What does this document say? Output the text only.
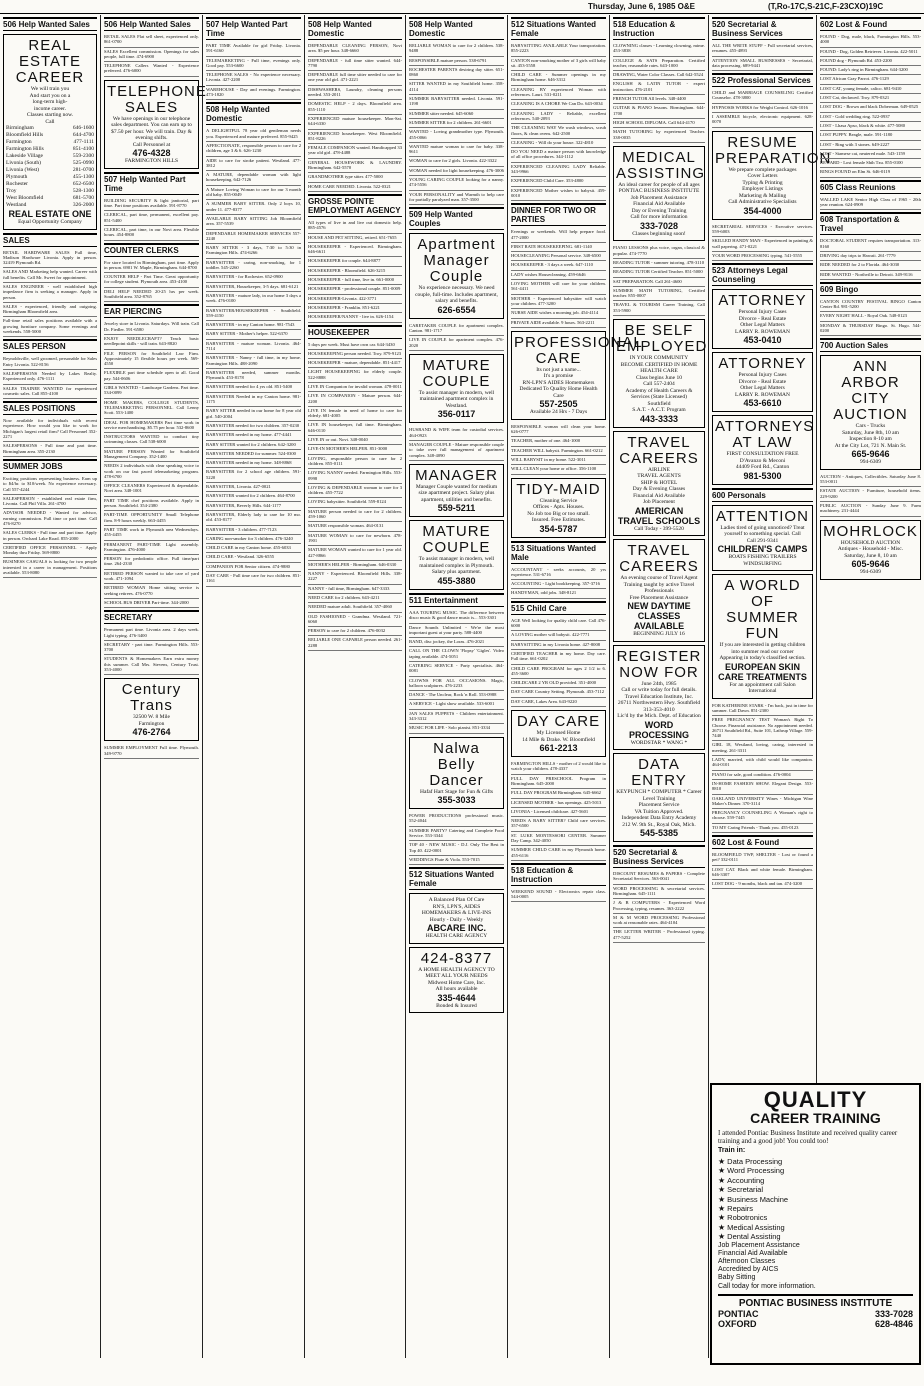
Thursday, June 6, 1985 O&E	(T,Ro-17C,S-21C,F-23CXO)19C
506 Help Wanted Sales
REAL ESTATE CAREER
We will train you
And start you on a
long-term high-
income career.
Classes starting now.
Call
Birmingham	646-1600
Bloomfield Hills	644-4700
Farmington	477-1111
Farmington Hills	851-4100
Lakeside Village	559-2300
Livonia (South)	525-0990
Livonia (West)	281-0700
Plymouth	455-1300
Rochester	652-6500
Troy	528-1300
West Bloomfield	681-5700
Westland	326-2000
REAL ESTATE ONE
Equal Opportunity Company
SALES

RETAIL HARDWARE SALES Full time, Madison Hardware Livonia. Apply in person. 32419 Plymouth Rd.

SALES AND Marketing help wanted. Career with full benefits. Call Mr. Sweet for appointment.

SALES ENGINEER - well established high impedance firm is seeking a manager. Apply in person.

SALES - experienced, friendly and outgoing. Birmingham Bloomfield area.

Full-time retail sales positions available with a growing furniture company. Some evenings and weekends. 558-5000

SALES PERSON

Reynoldsville, well groomed, personable for Sales Entry Livonia. 522-8156

SALESPERSONS Needed by Lakes Realty. Experienced only. 476-1111

SALES TRAINEE WANTED for experienced cosmetic sales. Call 855-4100

SALES POSITIONS

Now available for individuals with recent experience. How would you like to work for Michigan's largest retail firm? Call Personnel 352-2271

SALESPERSONS - Full time and part time. Birmingham area. 355-2130

SUMMER JOBS

Exciting positions representing business. Earn up to $4/hr. to $10/week. No experience necessary. Call 557-4244

SALESPERSON - established real estate firm, Livonia. Call Phil Villa. 261-4700

ADVISOR NEEDED - Wanted for advisor, earning commission. Full time or part time. Call 476-8270

SALES CLERKS - Full time and part time. Apply in person. Orchard Lake Road. 855-2000

CERTIFIED OFFICE PERSONNEL - Apply Monday thru Friday. 569-8800

BUSINESS CASUALS is looking for two people interested in a career in management. Positions available. 553-8080

506 Help Wanted Sales

RETAIL SALES Flat sell sheet, experienced only. 861-0700

SALES Excellent commission. Openings for sales people, full time. 474-6900

TELEPHONE Callers Wanted - Experience preferred. 476-6000

TELEPHONE SALES
We have openings in our telephone sales department. You can earn up to $7.50 per hour. We will train. Day & evening shifts.
Call Personnel at
476-4328
FARMINGTON HILLS
507 Help Wanted Part Time

BUILDING SECURITY & light janitorial, part time. Part time positions available. 591-8770

CLERICAL, part time, permanent, excellent pay. 851-5400

CLERICAL, part time, in our Novi area. Flexible hours. 454-8800

COUNTER CLERKS

For store located in Birmingham, part time. Apply in person. 6901 W. Maple, Birmingham. 644-8700

COUNTER HELP - Part Time. Great opportunity for college student. Plymouth area. 453-4100

DELI HELP NEEDED 20-25 hrs per week. Southfield area. 352-8765

EAR PIERCING

Jewelry store in Livonia. Saturdays. Will train. Call Dr. Fiedler. 591-6580

ENJOY NEEDLECRAFT? Teach basic needlepoint skills - will train. 643-8820

FILE PERSON for Southfield Law Firm. Approximately 15 flexible hours per week. 569-4550

FLEXIBLE part time schedule open to all. Good pay. 544-0606

GIRLS WANTED - Landscape Gardens. Part time. 534-0099

HOME MAKERS, COLLEGE STUDENTS, TELEMARKETING PERSONNEL. Call Lenny Scott. 553-1400

IDEAL FOR HOMEMAKERS Part time work in service merchandising. $5.75 per hour. 532-8600

INSTRUCTORS WANTED to conduct tiny swimming classes. Call 538-6000

MATURE PERSON Wanted for Southfield Management Company. 352-1400

NEEDS 2 individuals with clear speaking voice to work on our fast paced telemarketing program. 478-6700

OFFICE CLEANERS Experienced & dependable. Novi area. 348-1001

PART TIME chef positions available. Apply in person. Southfield. 354-2380

PART-TIME OPPORTUNITY Small Telephone firm. 8-9 hours weekly. 663-4455

PART TIME work in Plymouth area Wednesdays. 455-4455

PERMANENT PART-TIME Light assembly. Farmington. 476-4000

PERSON for pedodontic office. Full time/part time. 264-2330

RETIRED PERSON wanted to take care of yard work. 471-1094

RETIRED WOMAN Home sitting service is seeking retirees. 476-0770

SCHOOL BUS DRIVER Part-time. 344-2000

SECRETARY

Permanent part time. Livonia area. 2 days week. Light typing. 476-3400

SECRETARY - part time. Farmington Hills. 553-3700

STUDENTS & Homemakers Earn extra money this summer. Call Mrs. Stevens, Century Trust. 353-4000

Century Trans
32500 W. 8 Mile
Farmington
476-2764

SUMMER EMPLOYMENT Full time. Plymouth. 349-9770

507 Help Wanted Part Time

PART TIME Available for girl Friday. Livonia. 591-6160

TELEMARKETING - Full time, evenings only. Good pay. 553-6600

TELEPHONE SALES - No experience necessary. Livonia. 427-2200

WAREHOUSE - Day and evenings. Farmington. 473-1820

508 Help Wanted Domestic

A DELIGHTFUL 78 year old gentleman needs you. Experienced and mature preferred. 855-9425

AFFECTIONATE, responsible person to care for 2 children, age 3 & 6. 626-1230

AIDE to care for stroke patient. Westland. 477-3812

A MATURE, dependable woman with light housekeeping. 642-7126

A Mature Loving Woman to care for our 3 month old baby. 855-0049

A SUMMER BABY SITTER. Only 2 boys 10, under 11. 477-8377

AVAILABLE BABY SITTING Job Bloomfield area. 357-5539

DEPENDABLE HOMEMAKER SERVICES 557-2240

BABY SITTER - 3 days, 7:30 to 5:30 in Farmington Hills. 474-6266

BABYSITTER - caring, non-smoking, for 1 toddler. 545-2260

BABYSITTER - for Rochester. 652-0900

BABYSITTER, Housekeeper, 3-5 days. 681-6121

BABYSITTER - mature lady, in our home 3 days a week. 476-0100

BABYSITTER/HOUSEKEEPER - Southfield. 559-4150

BABYSITTER - in my Canton home. 981-7543

BABY SITTER - Mother's helper. 522-6370

BABYSITTER - mature woman. Livonia. 464-7114

BABYSITTER - Nanny - full time, in my home. Farmington Hills. 488-2090

BABYSITTER needed, summer months. Plymouth. 453-8178

BABYSITTER needed for 4 yrs old. 851-5400

BABYSITTER Needed in my Canton home. 981-1175

BABY SITTER needed in our home for 8 year old girl. 540-2004

BABYSITTER needed for two children. 357-0230

BABYSITTER needed in my home. 477-4441

BABY SITTER wanted for 2 children. 642-3200

BABYSITTER NEEDED for summer. 524-0300

BABYSITTER needed in my home. 348-8868

BABYSITTER for 2 school age children. 591-5220

BABYSITTER, Livonia. 427-0021

BABYSITTER wanted for 2 children. 464-8700

BABYSITTER, Beverly Hills. 644-1177

BABYSITTER, Elderly lady to care for 10 mo. old. 453-8177

BABYSITTER - 3 children. 477-7123

CARING non-smoker for 3 children. 476-3240

CHILD CARE in my Canton home. 455-6033

CHILD CARE - Westland. 326-6555

COMPANION FOR Senior citizen. 474-9880

DAY CARE - Full time care for two children. 851-1161

508 Help Wanted Domestic

DEPENDABLE CLEANING PERSON, Novi area. $5 per hour. 348-6660

DEPENDABLE - full time sitter wanted. 644-7790

DEPENDABLE full time sitter needed to care for one year old girl. 471-2221

DISHWASHERS, Laundry, cleaning persons needed. 353-2011

DOMESTIC HELP - 2 days. Bloomfield area. 855-1110

EXPERIENCED mature housekeeper. Mon-Sat. 644-6330

EXPERIENCED housekeeper. West Bloomfield. 851-8226

FEMALE COMPANION wanted. Handicapped 33 year old girl. 478-4488

GENERAL HOUSEWORK & LAUNDRY. Birmingham. 642-5570

GRANDMOTHER type sitter. 477-5000

HOME CARE NEEDED. Livonia. 522-0321

GROSSE POINTE EMPLOYMENT AGENCY

All types of live in and live out domestic help. 885-4576

HOUSE AND PET SITTING, retired. 651-7655

HOUSEKEEPER - Experienced. Birmingham. 646-6611

HOUSEKEEPER for couple. 644-8877

HOUSEKEEPER - Bloomfield. 626-3215

HOUSEKEEPER - full time, live in. 661-0000

HOUSEKEEPER - professional couple. 851-0009

HOUSEKEEPER-Livonia. 422-3771

HOUSEKEEPER - Franklin. 851-6221

HOUSEKEEPER/NANNY - live in. 626-1154

HOUSEKEEPER

5 days per week. Must have own car. 644-3430

HOUSEKEEPING person needed. Troy. 879-9123

HOUSEKEEPER - mature, dependable. 851-4417

LIGHT HOUSEKEEPING for elderly couple. 522-8888

LIVE IN Companion for invalid woman. 478-0011

LIVE IN COMPANION - Mature person. 644-2200

LIVE IN female in need of home to care for elderly. 681-4005

LIVE IN housekeeper, full time. Birmingham. 646-0110

LIVE IN or out. Novi. 348-0040

LIVE-IN MOTHER'S HELPER. 851-3000

LOVING, responsible person to care for 2 children. 855-0111

LOVING NANNY needed. Farmington Hills. 553-0998

LOVING & DEPENDABLE woman to care for 3 children. 455-7722

LOVING babysitter. Southfield. 559-8124

MATURE person needed to care for 2 children. 459-1060

MATURE responsible woman. 464-0131

MATURE WOMAN to care for newborn. 478-1901

MATURE WOMAN wanted to care for 1 year old. 427-8866

MOTHER'S HELPER - Birmingham. 646-0330

NANNY - Experienced. Bloomfield Hills. 338-2227

NANNY - full time, Birmingham. 647-3333

NEED CARE for 2 children. 643-4211

NEEDED mature adult. Southfield. 357-4060

OLD FASHIONED - Grandma. Westland. 721-6060

PERSON to care for 2 children. 476-0032

RELIABLE ONE CAPABLE person needed. 261-2288

508 Help Wanted Domestic

RELIABLE WOMAN to care for 2 children. 538-9488

RESPONSIBLE mature person. 538-6791

ROCHESTER PARENTS desiring day sitter. 651-0860

SITTER WANTED in my Southfield home. 358-4114

SUMMER BABYSITTER needed. Livonia. 591-1198

SUMMER sitter needed. 645-6060

SUMMER SITTER for 2 children. 261-6601

WANTED - Loving grandmother type. Plymouth. 455-0066

WANTED mature woman to care for baby. 338-9611

WOMAN to care for 2 girls. Livonia. 422-3322

WOMAN needed for light housekeeping. 476-3006

YOUNG CARING COUPLE looking for a nanny. 474-5556

YOUR PERSONALITY and Warmth to help care for partially paralyzed man. 357-3500

509 Help Wanted Couples
Apartment Manager Couple
No experience necessary. We need couple, full-time. Includes apartment, salary and benefits.
626-6554

CARETAKER COUPLE for apartment complex. Canton. 981-1717

LIVE IN COUPLE for apartment complex. 476-2020

MATURE COUPLE
To assist manager in modern, well maintained apartment complex in Westland.
356-0117

HUSBAND & WIFE team for custodial services. 464-0923

MANAGER COUPLE - Mature responsible couple to take over full management of apartment complex. 348-4090

MANAGER
Manager Couple wanted for medium size apartment project. Salary plus apartment, utilities and benefits.
559-5211
MATURE COUPLE
To assist manager in modern, well maintained complex in Plymouth. Salary plus apartment.
455-3880
511 Entertainment

AAA TOURING MUSIC. The difference between disco music & good dance music is... 553-3301

Dance Sounds Unlimited - We're the most important guest at your party. 588-4400

BAND, disc jockey, the Loras. 476-2021

CALL ON THE CLOWN 'Flopsy' 'Gigles'. Video taping available. 474-5051

CATERING SERVICE - Party specialists. 464-0081

CLOWNS FOR ALL OCCASIONS. Magic, balloon sculptures. 476-2233

DANCE - The Unclear, Rock 'n Roll. 553-0988

A SERVICE - Light show available. 533-6001

JAN SALES PUPPETS - Children entertainment. 343-3312

MUSIC FOR LIFE - Solo pianist. 851-3334

Nalwa Belly Dancer
Hafaf Hart Stage for Fun & Gifts
355-3033

POWER PRODUCTIONS professional music. 552-4044

SUMMER PARTY? Catering and Complete Food Service. 553-3344

TOP 40 - NEW MUSIC - D.J. Only The Best in Top 40. 422-0001

WEDDINGS Flute & Viola. 553-7015

512 Situations Wanted Female
A Balanced Plan Of Care
RN'S, LPN'S, AIDES
HOMEMAKERS & LIVE-INS
Hourly - Daily - Weekly
ABCARE INC.
HEALTH CARE AGENCY
424-8377
A HOME HEALTH AGENCY TO MEET ALL YOUR NEEDS
Midwest Home Care, Inc.
All hours available
335-4644
Bonded & Insured
512 Situations Wanted Female

BABYSITTING AVAILABLE Your transportation. 855-2223

CANTON non-smoking mother of 3 girls will baby sit. 453-5558

CHILD CARE - Summer openings in my Birmingham home. 646-3312

CLEANING BY experienced Woman with references. Lauri. 531-0211

CLEANING IS A CHORE We Can Do. 643-0034

CLEANING LADY - Reliable, excellent references. 540-2093

THE CLEANING WAY We wash windows, scrub floors, & clean ovens. 642-2500

CLEANING - Will do your house. 322-4810

DO YOU NEED a mature person with knowledge of all office procedures. 344-1112

EXPERIENCED CLEANING LADY Reliable. 343-9966

EXPERIENCED Child Care. 353-4800

EXPERIENCED Mother wishes to babysit. 459-0010

DINNER FOR TWO OR PARTIES

Evenings or weekends. Will help prepare food. 477-2000

FIRST RATE HOUSEKEEPING. 681-1140

HOUSECLEANING Personal service. 348-6500

HOUSEKEEPER - 3 days a week. 647-1110

LADY wishes Housecleaning. 459-6646

LOVING MOTHER will care for your children. 561-4411

MOTHER - Experienced babysitter will watch your children. 477-3200

NURSE AIDE wishes a morning job. 454-4114

PRIVATE AIDE available. 9 hours. 563-2211

PROFESSIONAL CARE
Its not just a name...
It's a promise
RN-LPN'S AIDES Homemakers
Dedicated To Quality Home Health Care
557-2505
Available 24 Hrs - 7 Days

RESPONSIBLE woman will clean your home. 626-0777

TEACHER, mother of one. 464-1000

TEACHER WILL babysit. Farmington. 661-0212

WILL BABYSIT in my home. 522-3011

WILL CLEAN your home or office. 356-1100

TIDY-MAID
Cleaning Service
Offices - Apts. Houses.
No Job too Big or too small.
Insured. Free Estimates.
354-5787
513 Situations Wanted Male

ACCOUNTANT - seeks accounts, 20 yrs experience. 531-6716

ACCOUNTING - Light bookkeeping. 357-3716

HANDYMAN, odd jobs. 348-8121

515 Child Care

AGE Well looking for quality child care. Call 476-6000

A LOVING mother will babysit. 422-7771

BABYSITTING in my Livonia home. 427-8008

CERTIFIED TEACHER in my home. Day care. Full time. 661-0202

CHILD CARE PROGRAM for ages 2 1/2 to 6. 455-3600

CHILDCARE 2 YR OLD provided. 351-4000

DAY CARE Country Setting. Plymouth. 453-7112

DAY CARE, Lakes Area. 643-9220

DAY CARE
My Licensed Home
14 Mile & Drake. W. Bloomfield
661-2213

FARMINGTON HILLS - mother of 2 would like to watch your children. 478-4337

FULL DAY PRESCHOOL Program in Birmingham. 645-2000

FULL DAY PROGRAM Birmingham. 645-6662

LICENSED MOTHER - has openings. 425-5013

LIVONIA - Licensed childcare. 427-5601

NEEDS A BABY SITTER? Child care services. 357-6500

ST. LUKE MONTESSORI CENTER. Summer Day Camp. 342-4050

SUMMER CHILD CARE in my Plymouth home. 455-6116

518 Education & Instruction

WEEKEND SOUND - Electronics repair class. 544-0005

518 Education & Instruction

CLOWNING classes - Learning clowning, mime. 453-3838

COLLEGE & SATS Preparation. Certified teacher, reasonable rates. 643-1000

DRAWING, Water Color Classes. Call 642-5524

ENGLISH & LATIN TUTOR - expert instruction. 476-2101

FRENCH TUTOR All levels. 348-4400

GUITAR & PIANO lessons. Birmingham. 644-1700

HIGH SCHOOL DIPLOMA. Call 644-4170

MATH TUTORING by experienced Teacher. 338-0035

MEDICAL ASSISTING
An ideal career for people of all ages
PONTIAC BUSINESS INSTITUTE
Job Placement Assistance
Financial Aid Available
Day or Evening Training
Call for more information
333-7028
Classes beginning soon!

PIANO LESSONS plus voice, organ, classical & popular. 474-7770

READING TUTOR - summer tutoring. 478-3110

READING TUTOR Certified Teacher. 851-5000

SAT PREPARATION. Call 261-4600

SUMMER MATH TUTORING, Certified teacher. 855-0007

TRAVEL & TOURISM Career Training. Call 353-5900

BE SELF EMPLOYED
IN YOUR COMMUNITY
BECOME CERTIFIED IN HOME HEALTH CARE
Class begins June 10
Call 557-2404
Academy of Health Careers & Services (State Licensed)
Southfield
S.A.T. - A.C.T. Program
443-3333
TRAVEL CAREERS
AIRLINE
TRAVEL AGENTS
SHIP & HOTEL
Day & Evening Classes
Financial Aid Available
Job Placement
AMERICAN TRAVEL SCHOOLS
Call Today - 399-5520
TRAVEL CAREERS
An evening course of Travel Agent Training taught by active Travel Professionals
Free Placement Assistance
NEW DAYTIME CLASSES AVAILABLE
BEGINNING JULY 16
REGISTER NOW FOR
June 24th, 1985
Call or write today for full details.
Travel Education Institute, Inc.
26711 Northwestern Hwy. Southfield
313-353-4010
Lic'd by the Mich. Dept. of Education
WORD PROCESSING
WORDSTAR * WANG *
DATA ENTRY
KEYPUNCH * COMPUTER * Career Level Training
Placement Service
VA Tuition Approved.
Independent Data Entry Academy
212 W. 9th St., Royal Oak, Mich.
545-5385
520 Secretarial & Business Services

DISCOUNT RESUMES & PAPERS - Complete Secretarial Services. 563-0041

WORD PROCESSING & secretarial services. Birmingham. 645-1111

J & B COMPUTERS - Experienced Word Processing, typing, resumes. 363-2222

M & M WORD PROCESSING Professional work at reasonable rates. 464-4104

THE LETTER WRITER - Professional typing. 477-5252

520 Secretarial & Business Services

ALL THE WRITE STUFF - Full secretarial services, resumes. 455-4893

ATTENTION SMALL BUSINESSES - Secretarial, data processing. 689-9441

522 Professional Services

CHILD and MARRIAGE COUNSELING Certified Counselor. 478-3800

HYPNOSIS WORKS for Weight Control. 626-1016

I ASSEMBLE bicycle, electronic equipment. 628-0070

RESUME PREPARATION
We prepare complete packages
Cover Letters
Typing & Printing
Employer Listings
Marketing & Mailing
Call Administrative Specialists
354-4000

SECRETARIAL SERVICES - Executive services. 559-6003

SKILLED HANDY MAN - Experienced in painting & wall papering. 471-0221

YOUR WORD PROCESSING typing. 541-5555

523 Attorneys Legal Counseling
ATTORNEY
Personal Injury Cases
Divorce - Real Estate
Other Legal Matters
LARRY R. ROWEMAN
453-0410
ATTORNEY
Personal Injury Cases
Divorce - Real Estate
Other Legal Matters
LARRY R. ROWEMAN
453-6610
ATTORNEYS AT LAW
FIRST CONSULTATION FREE
D'Avanzo & Meconi
44409 Ford Rd., Canton
981-5300
600 Personals
ATTENTION
Ladies tired of going unnoticed? Treat yourself to something special. Call
Call 291-9341
CHILDREN'S CAMPS
BOATS FISHING TRAILERS WINDSURFING
A WORLD OF SUMMER FUN
If you are interested in getting children into summer read our corner
Appearing in today's classified section.
EUROPEAN SKIN CARE TREATMENTS
For an appointment call Salon International

FOR KATHERINE STARK - I'm back, just in time for summer. Call Dawn. 851-2300

FREE PREGNANCY TEST Woman's Right To Choose. Financial assistance. No appointment needed. 26711 Southfield Rd., Suite 101, Lathrup Village. 559-7440

GIRL 18, Westland, loving, caring, interested in meeting. 261-3311

LADY, married, with child would like companion. 464-0101

PIANO for sale, good condition. 476-0004

IN-HOME FASHION SHOW. Elegant Design. 553-8810

OAKLAND UNIVERSITY Wines - Michigan Wine Maker's Dinner. 370-3114

PREGNANCY COUNSELING A Woman's right to choose. 559-7445

TO MY Caring Friends - Thank you. 455-0123

602 Lost & Found

BLOOMFIELD TWP, SHELTER - Lost or found a pet? 332-0111

LOST CAT. Black and white female. Birmingham. 646-3307

LOST DOG - 9 months, black and tan. 474-3200

602 Lost & Found

FOUND - Dog, male, black, Farmington Hills. 553-4000

FOUND - Dog, Golden Retriever. Livonia. 422-5011

FOUND dog - Plymouth Rd. 453-2200

FOUND: Lady's ring in Birmingham. 644-3200

LOST African Gray Parrot. 476-1129

LOST CAT, young female, calico. 681-9410

LOST Cat, declawed. Troy. 879-0321

LOST DOG - Brown and black Doberman. 649-0525

LOST - Gold wedding ring. 522-0937

LOST - Lhasa Apso, black & white. 477-5080

LOST PUPPY. Beagle, male. 591-1180

LOST - Ring with 3 stones. 649-2227

LOST - Siamese cat, neutered male. 543-1159

REWARD - Lost female Shih Tzu. 855-0100

RINGS FOUND on Elm St. 646-0119

605 Class Reunions

WALLED LAKE Senior High Class of 1965 - 20th year reunion. 624-0909

608 Transportation & Travel

DOCTORAL STUDENT requires transportation. 313-8160

DRIVING day trips to Hawaii. 261-7779

RIDE NEEDED for 2 to Florida. 464-3030

RIDE WANTED - Northville to Detroit. 349-9116

609 Bingo

CANTON COUNTRY FESTIVAL BINGO Canton Center Rd. 981-5200

EVERY NIGHT HALL - Royal Oak. 548-0123

MONDAY & THURSDAY Bingo. St. Hugo. 544-0200

700 Auction Sales
ANN ARBOR CITY AUCTION
Cars - Trucks
Saturday, June 8th, 10 am
Inspection 8-10 am
At the City Lot, 721 N. Main St.
665-9646
994-6309

AUCTION - Antiques, Collectibles. Saturday June 8. 553-0011

ESTATE AUCTION - Furniture, household items. 229-9200

PUBLIC AUCTION - Sunday June 9. Farm machinery. 231-4444

MOHRLOCK
HOUSEHOLD AUCTION
Antiques - Household - Misc.
Saturday, June 8, 10 am
605-9646
994-6309
QUALITY
CAREER TRAINING

I attended Pontiac Business Institute and received quality career training and a good job! You could too!

Train in:

★ Data Processing
★ Word Processing
★ Accounting
★ Secretarial
★ Business Machine
★ Repairs
★ Robotronics
★ Medical Assisting
★ Dental Assisting
Job Placement Assistance
Financial Aid Available
Afternoon Classes
Accredited by AICS
Baby Sitting
Call today for more information.
PONTIAC BUSINESS INSTITUTE
PONTIAC	333-7028
OXFORD	628-4846
